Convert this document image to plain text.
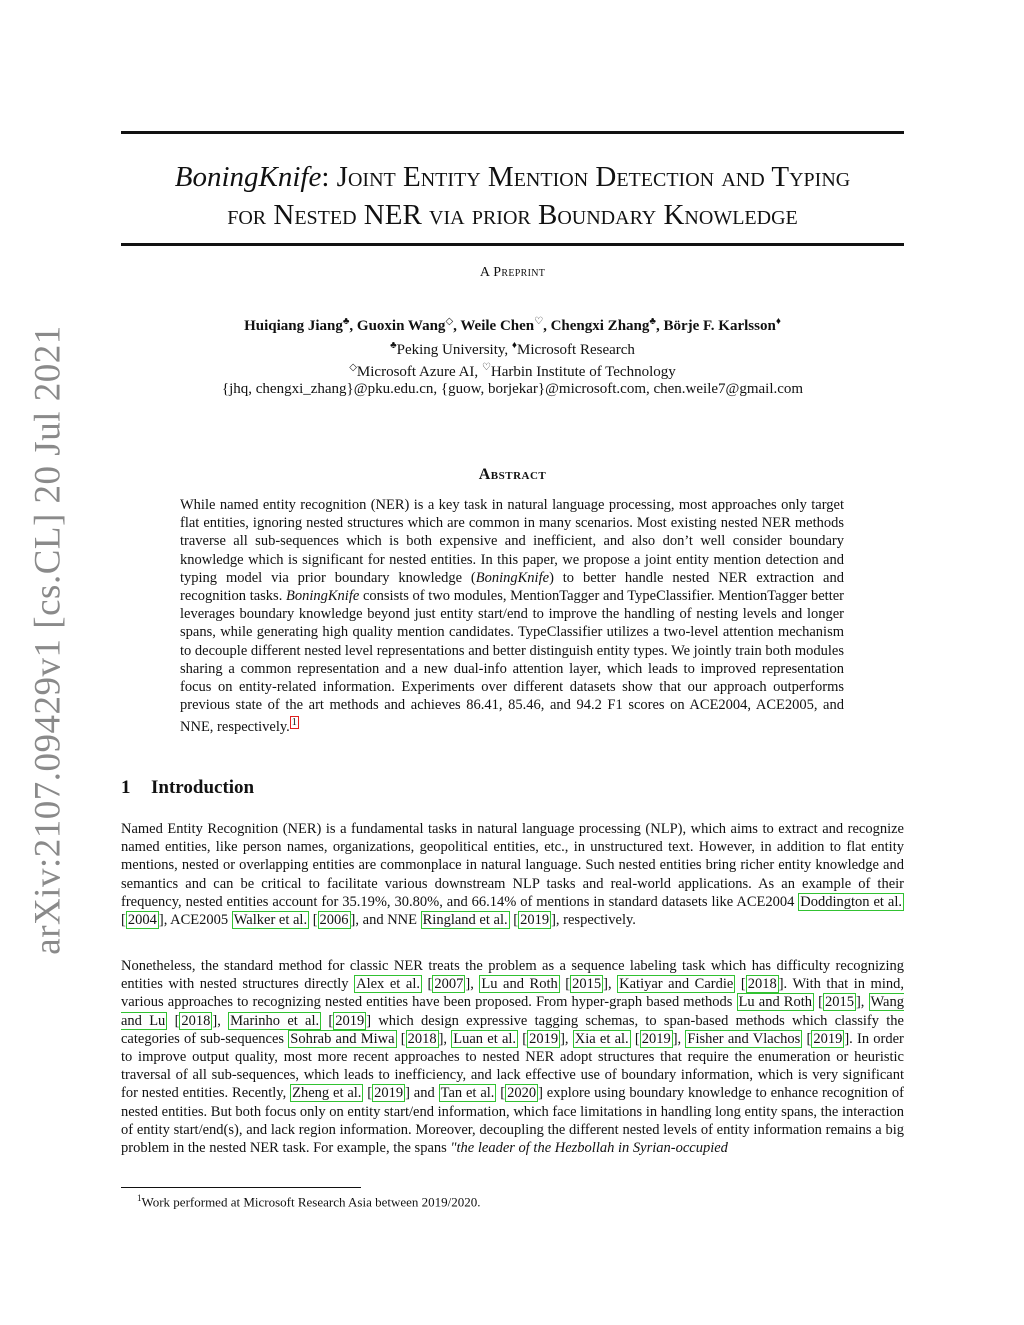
arXiv:2107.09429v1 [cs.CL] 20 Jul 2021
BoningKnife: Joint Entity Mention Detection and Typing
for Nested NER via prior Boundary Knowledge
A Preprint
Huiqiang Jiang♣, Guoxin Wang◇, Weile Chen♡, Chengxi Zhang♣, Börje F. Karlsson♦
♣Peking University, ♦Microsoft Research
◇Microsoft Azure AI, ♡Harbin Institute of Technology
{jhq, chengxi_zhang}@pku.edu.cn, {guow, borjekar}@microsoft.com, chen.weile7@gmail.com
Abstract
While named entity recognition (NER) is a key task in natural language processing, most approaches only target flat entities, ignoring nested structures which are common in many scenarios. Most existing nested NER methods traverse all sub-sequences which is both expensive and inefficient, and also don’t well consider boundary knowledge which is significant for nested entities. In this paper, we propose a joint entity mention detection and typing model via prior boundary knowledge (BoningKnife) to better handle nested NER extraction and recognition tasks. BoningKnife consists of two modules, MentionTagger and TypeClassifier. MentionTagger better leverages boundary knowledge beyond just entity start/end to improve the handling of nesting levels and longer spans, while generating high quality mention candidates. TypeClassifier utilizes a two-level attention mechanism to decouple different nested level representations and better distinguish entity types. We jointly train both modules sharing a common representation and a new dual-info attention layer, which leads to improved representation focus on entity-related information. Experiments over different datasets show that our approach outperforms previous state of the art methods and achieves 86.41, 85.46, and 94.2 F1 scores on ACE2004, ACE2005, and NNE, respectively. $^1$
1 Introduction
Named Entity Recognition (NER) is a fundamental tasks in natural language processing (NLP), which aims to extract and recognize named entities, like person names, organizations, geopolitical entities, etc., in unstructured text. However, in addition to flat entity mentions, nested or overlapping entities are commonplace in natural language. Such nested entities bring richer entity knowledge and semantics and can be critical to facilitate various downstream NLP tasks and real-world applications. As an example of their frequency, nested entities account for 35.19%, 30.80%, and 66.14% of mentions in standard datasets like ACE2004 Doddington et al. [ 2004 ], ACE2005 Walker et al. [ 2006 ], and NNE Ringland et al. [ 2019 ], respectively.
Nonetheless, the standard method for classic NER treats the problem as a sequence labeling task which has difficulty recognizing entities with nested structures directly Alex et al. [ 2007 ], Lu and Roth [ 2015 ], Katiyar and Cardie [ 2018 ]. With that in mind, various approaches to recognizing nested entities have been proposed. From hyper-graph based methods Lu and Roth [ 2015 ], Wang and Lu [ 2018 ], Marinho et al. [ 2019 ] which design expressive tagging schemas, to span-based methods which classify the categories of sub-sequences Sohrab and Miwa [ 2018 ], Luan et al. [ 2019 ], Xia et al. [ 2019 ], Fisher and Vlachos [ 2019 ]. In order to improve output quality, most more recent approaches to nested NER adopt structures that require the enumeration or heuristic traversal of all sub-sequences, which leads to inefficiency, and lack effective use of boundary information, which is very significant for nested entities. Recently, Zheng et al. [ 2019 ] and Tan et al. [ 2020 ] explore using boundary knowledge to enhance recognition of nested entities. But both focus only on entity start/end information, which face limitations in handling long entity spans, the interaction of entity start/end(s), and lack region information. Moreover, decoupling the different nested levels of entity information remains a big problem in the nested NER task. For example, the spans "the leader of the Hezbollah in Syrian-occupied
$^1$Work performed at Microsoft Research Asia between 2019/2020.
